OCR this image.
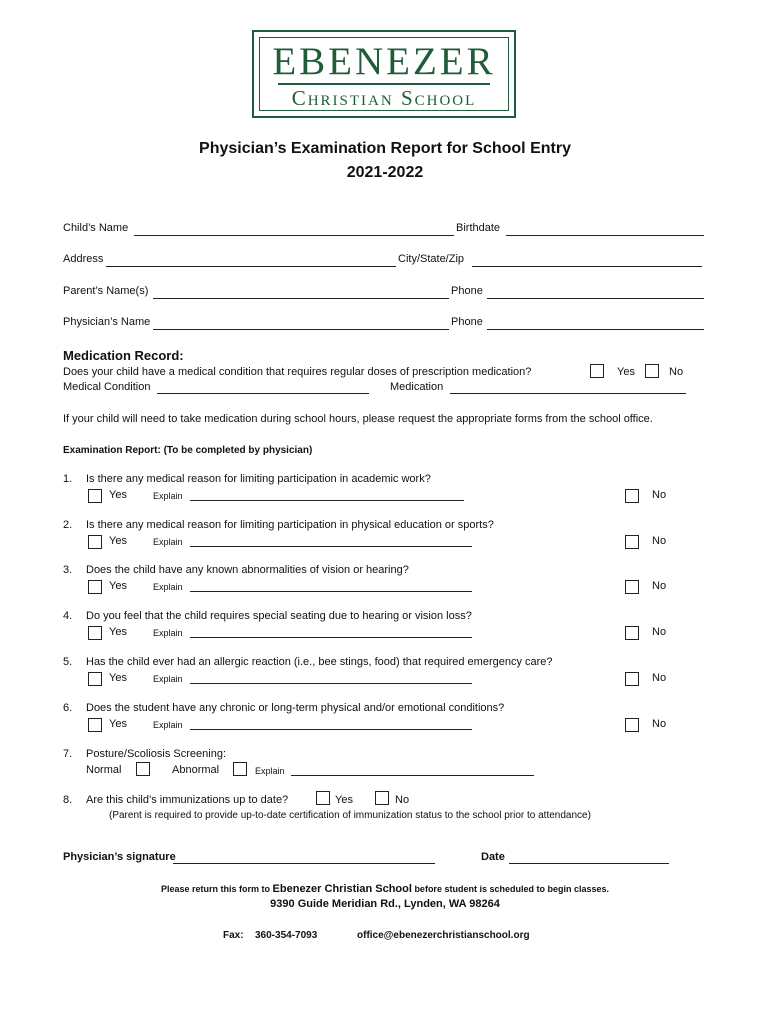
EBENEZER
Christian School
Physician’s Examination Report for School Entry
2021-2022
Child’s Name	Birthdate
Address	City/State/Zip
Parent’s Name(s)	Phone
Physician’s Name	Phone
Medication Record:
Does your child have a medical condition that requires regular doses of prescription medication?	Yes	No
Medical Condition	Medication
If your child will need to take medication during school hours, please request the appropriate forms from the school office.
Examination Report: (To be completed by physician)
1. Is there any medical reason for limiting participation in academic work?
Yes	Explain	No
2. Is there any medical reason for limiting participation in physical education or sports?
Yes	Explain	No
3. Does the child have any known abnormalities of vision or hearing?
Yes	Explain	No
4. Do you feel that the child requires special seating due to hearing or vision loss?
Yes	Explain	No
5. Has the child ever had an allergic reaction (i.e., bee stings, food) that required emergency care?
Yes	Explain	No
6. Does the student have any chronic or long-term physical and/or emotional conditions?
Yes	Explain	No
7. Posture/Scoliosis Screening:
Normal	Abnormal	Explain
8. Are this child’s immunizations up to date?	Yes	No
(Parent is required to provide up-to-date certification of immunization status to the school prior to attendance)
Physician’s signature	Date
Please return this form to Ebenezer Christian School before student is scheduled to begin classes.
9390 Guide Meridian Rd., Lynden, WA 98264
Fax: 360-354-7093	office@ebenezerchristianschool.org
